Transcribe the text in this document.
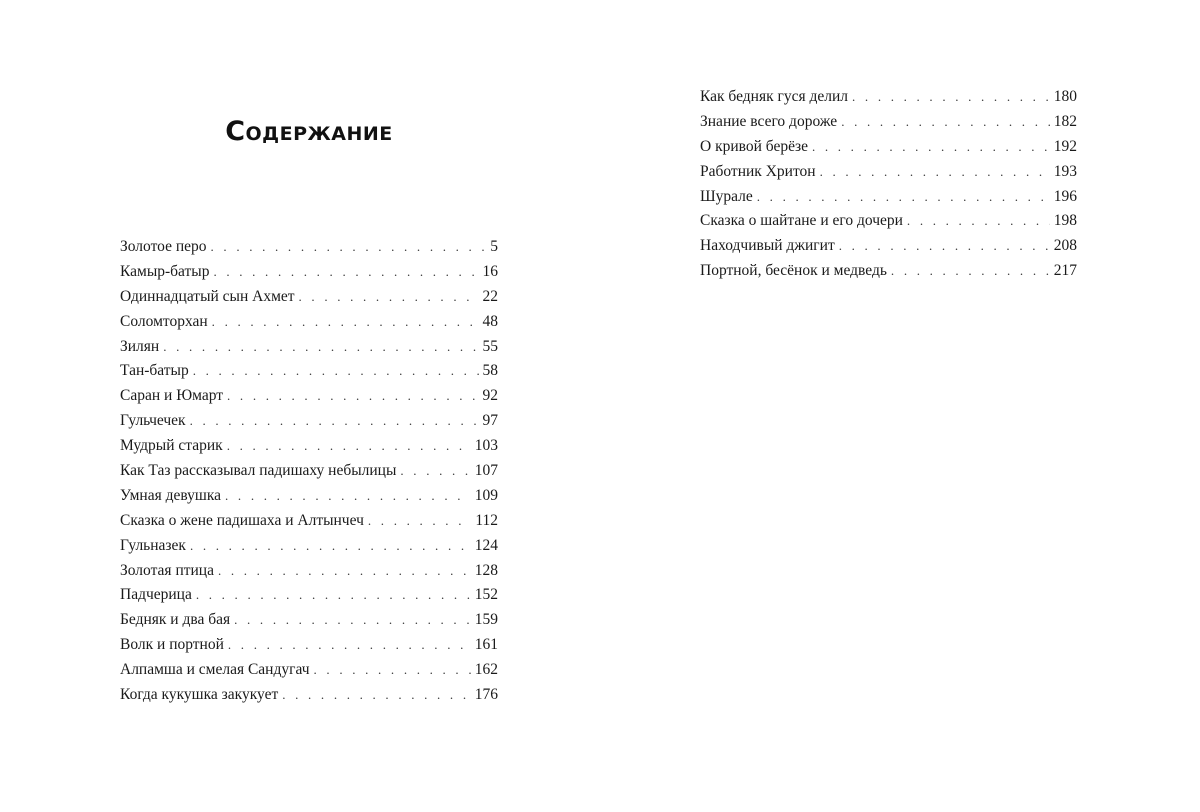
Содержание
Золотое перо . . .	5
Камыр-батыр . . .	16
Одиннадцатый сын Ахмет . . .	22
Соломторхан . . .	48
Зилян . . .	55
Тан-батыр . . .	58
Саран и Юмарт . . .	92
Гульчечек . . .	97
Мудрый старик . . .	103
Как Таз рассказывал падишаху небылицы . . .	107
Умная девушка . . .	109
Сказка о жене падишаха и Алтынчеч . . .	112
Гульназек . . .	124
Золотая птица . . .	128
Падчерица . . .	152
Бедняк и два бая . . .	159
Волк и портной . . .	161
Алпамша и смелая Сандугач . . .	162
Когда кукушка закукует . . .	176
Как бедняк гуся делил . . .	180
Знание всего дороже . . .	182
О кривой берёзе . . .	192
Работник Хритон . . .	193
Шурале . . .	196
Сказка о шайтане и его дочери . . .	198
Находчивый джигит . . .	208
Портной, бесёнок и медведь . . .	217
